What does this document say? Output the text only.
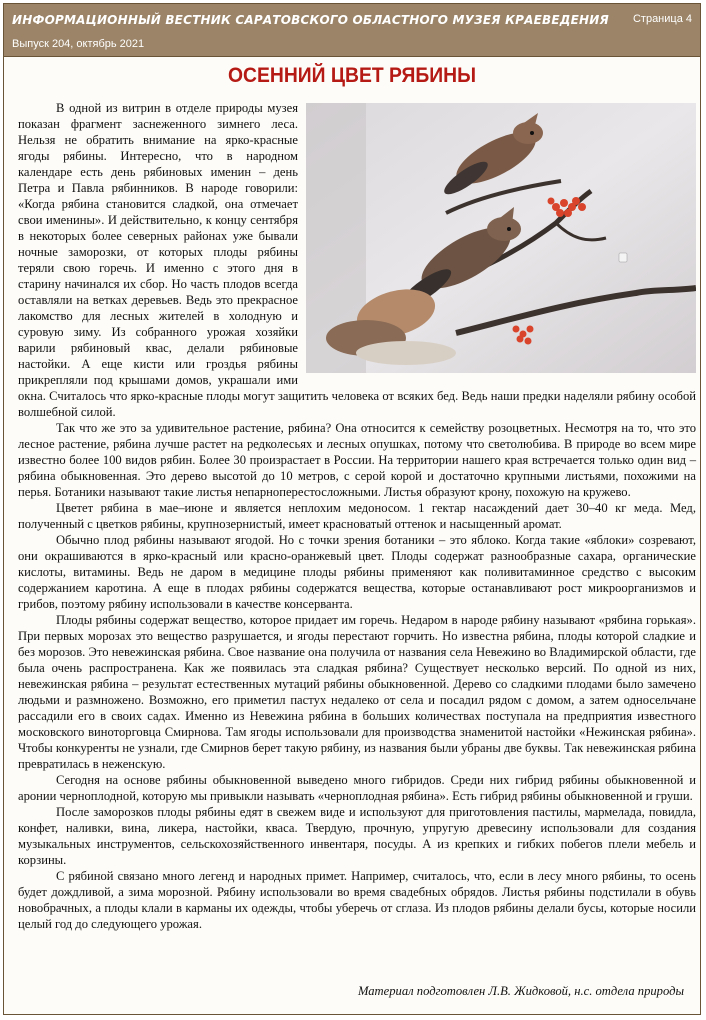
ИНФОРМАЦИОННЫЙ ВЕСТНИК САРАТОВСКОГО ОБЛАСТНОГО МУЗЕЯ КРАЕВЕДЕНИЯ
Выпуск 204, октябрь 2021
Страница 4
ОСЕННИЙ ЦВЕТ РЯБИНЫ

В одной из витрин в отделе природы музея показан фрагмент заснеженного зимнего леса. Нельзя не обратить внимание на ярко-красные ягоды рябины. Интересно, что в народном календаре есть день рябиновых именин – день Петра и Павла рябинников. В народе говорили: «Когда рябина становится сладкой, она отмечает свои именины». И действительно, к концу сентября в некоторых более северных районах уже бывали ночные заморозки, от которых плоды рябины теряли свою горечь. И именно с этого дня в старину начинался их сбор. Но часть плодов всегда оставляли на ветках деревьев. Ведь это прекрасное лакомство для лесных жителей в холодную и суровую зиму. Из собранного урожая хозяйки варили рябиновый квас, делали рябиновые настойки. А еще кисти или гроздья рябины прикрепляли под крышами домов, украшали ими окна. Считалось что ярко-красные плоды могут защитить человека от всяких бед. Ведь наши предки наделяли рябину особой волшебной силой.

Так что же это за удивительное растение, рябина? Она относится к семейству розоцветных. Несмотря на то, что это лесное растение, рябина лучше растет на редколесьях и лесных опушках, потому что светолюбива. В природе во всем мире известно более 100 видов рябин. Более 30 произрастает в России. На территории нашего края встречается только один вид – рябина обыкновенная. Это дерево высотой до 10 метров, с серой корой и достаточно крупными листьями, похожими на перья. Ботаники называют такие листья непарноперестосложными. Листья образуют крону, похожую на кружево.

Цветет рябина в мае–июне и является неплохим медоносом. 1 гектар насаждений дает 30–40 кг меда. Мед, полученный с цветков рябины, крупнозернистый, имеет красноватый оттенок и насыщенный аромат.

Обычно плод рябины называют ягодой. Но с точки зрения ботаники – это яблоко. Когда такие «яблоки» созревают, они окрашиваются в ярко-красный или красно-оранжевый цвет. Плоды содержат разнообразные сахара, органические кислоты, витамины. Ведь не даром в медицине плоды рябины применяют как поливитаминное средство с высоким содержанием каротина. А еще в плодах рябины содержатся вещества, которые останавливают рост микроорганизмов и грибов, поэтому рябину использовали в качестве консерванта.

Плоды рябины содержат вещество, которое придает им горечь. Недаром в народе рябину называют «рябина горькая». При первых морозах это вещество разрушается, и ягоды перестают горчить. Но известна рябина, плоды которой сладкие и без морозов. Это невежинская рябина. Свое название она получила от названия села Невежино во Владимирской области, где была очень распространена. Как же появилась эта сладкая рябина? Существует несколько версий. По одной из них, невежинская рябина – результат естественных мутаций рябины обыкновенной. Дерево со сладкими плодами было замечено людьми и размножено. Возможно, его приметил пастух недалеко от села и посадил рядом с домом, а затем односельчане рассадили его в своих садах. Именно из Невежина рябина в больших количествах поступала на предприятия известного московского виноторговца Смирнова. Там ягоды использовали для производства знаменитой настойки «Нежинская рябина». Чтобы конкуренты не узнали, где Смирнов берет такую рябину, из названия были убраны две буквы. Так невежинская рябина превратилась в неженскую.

Сегодня на основе рябины обыкновенной выведено много гибридов. Среди них гибрид рябины обыкновенной и аронии черноплодной, которую мы привыкли называть «черноплодная рябина». Есть гибрид рябины обыкновенной и груши.

После заморозков плоды рябины едят в свежем виде и используют для приготовления пастилы, мармелада, повидла, конфет, наливки, вина, ликера, настойки, кваса. Твердую, прочную, упругую древесину использовали для создания музыкальных инструментов, сельскохозяйственного инвентаря, посуды. А из крепких и гибких побегов плели мебель и корзины.

С рябиной связано много легенд и народных примет. Например, считалось, что, если в лесу много рябины, то осень будет дождливой, а зима морозной. Рябину использовали во время свадебных обрядов. Листья рябины подстилали в обувь новобрачных, а плоды клали в карманы их одежды, чтобы уберечь от сглаза. Из плодов рябины делали бусы, которые носили целый год до следующего урожая.

Материал подготовлен Л.В. Жидковой, н.с. отдела природы
